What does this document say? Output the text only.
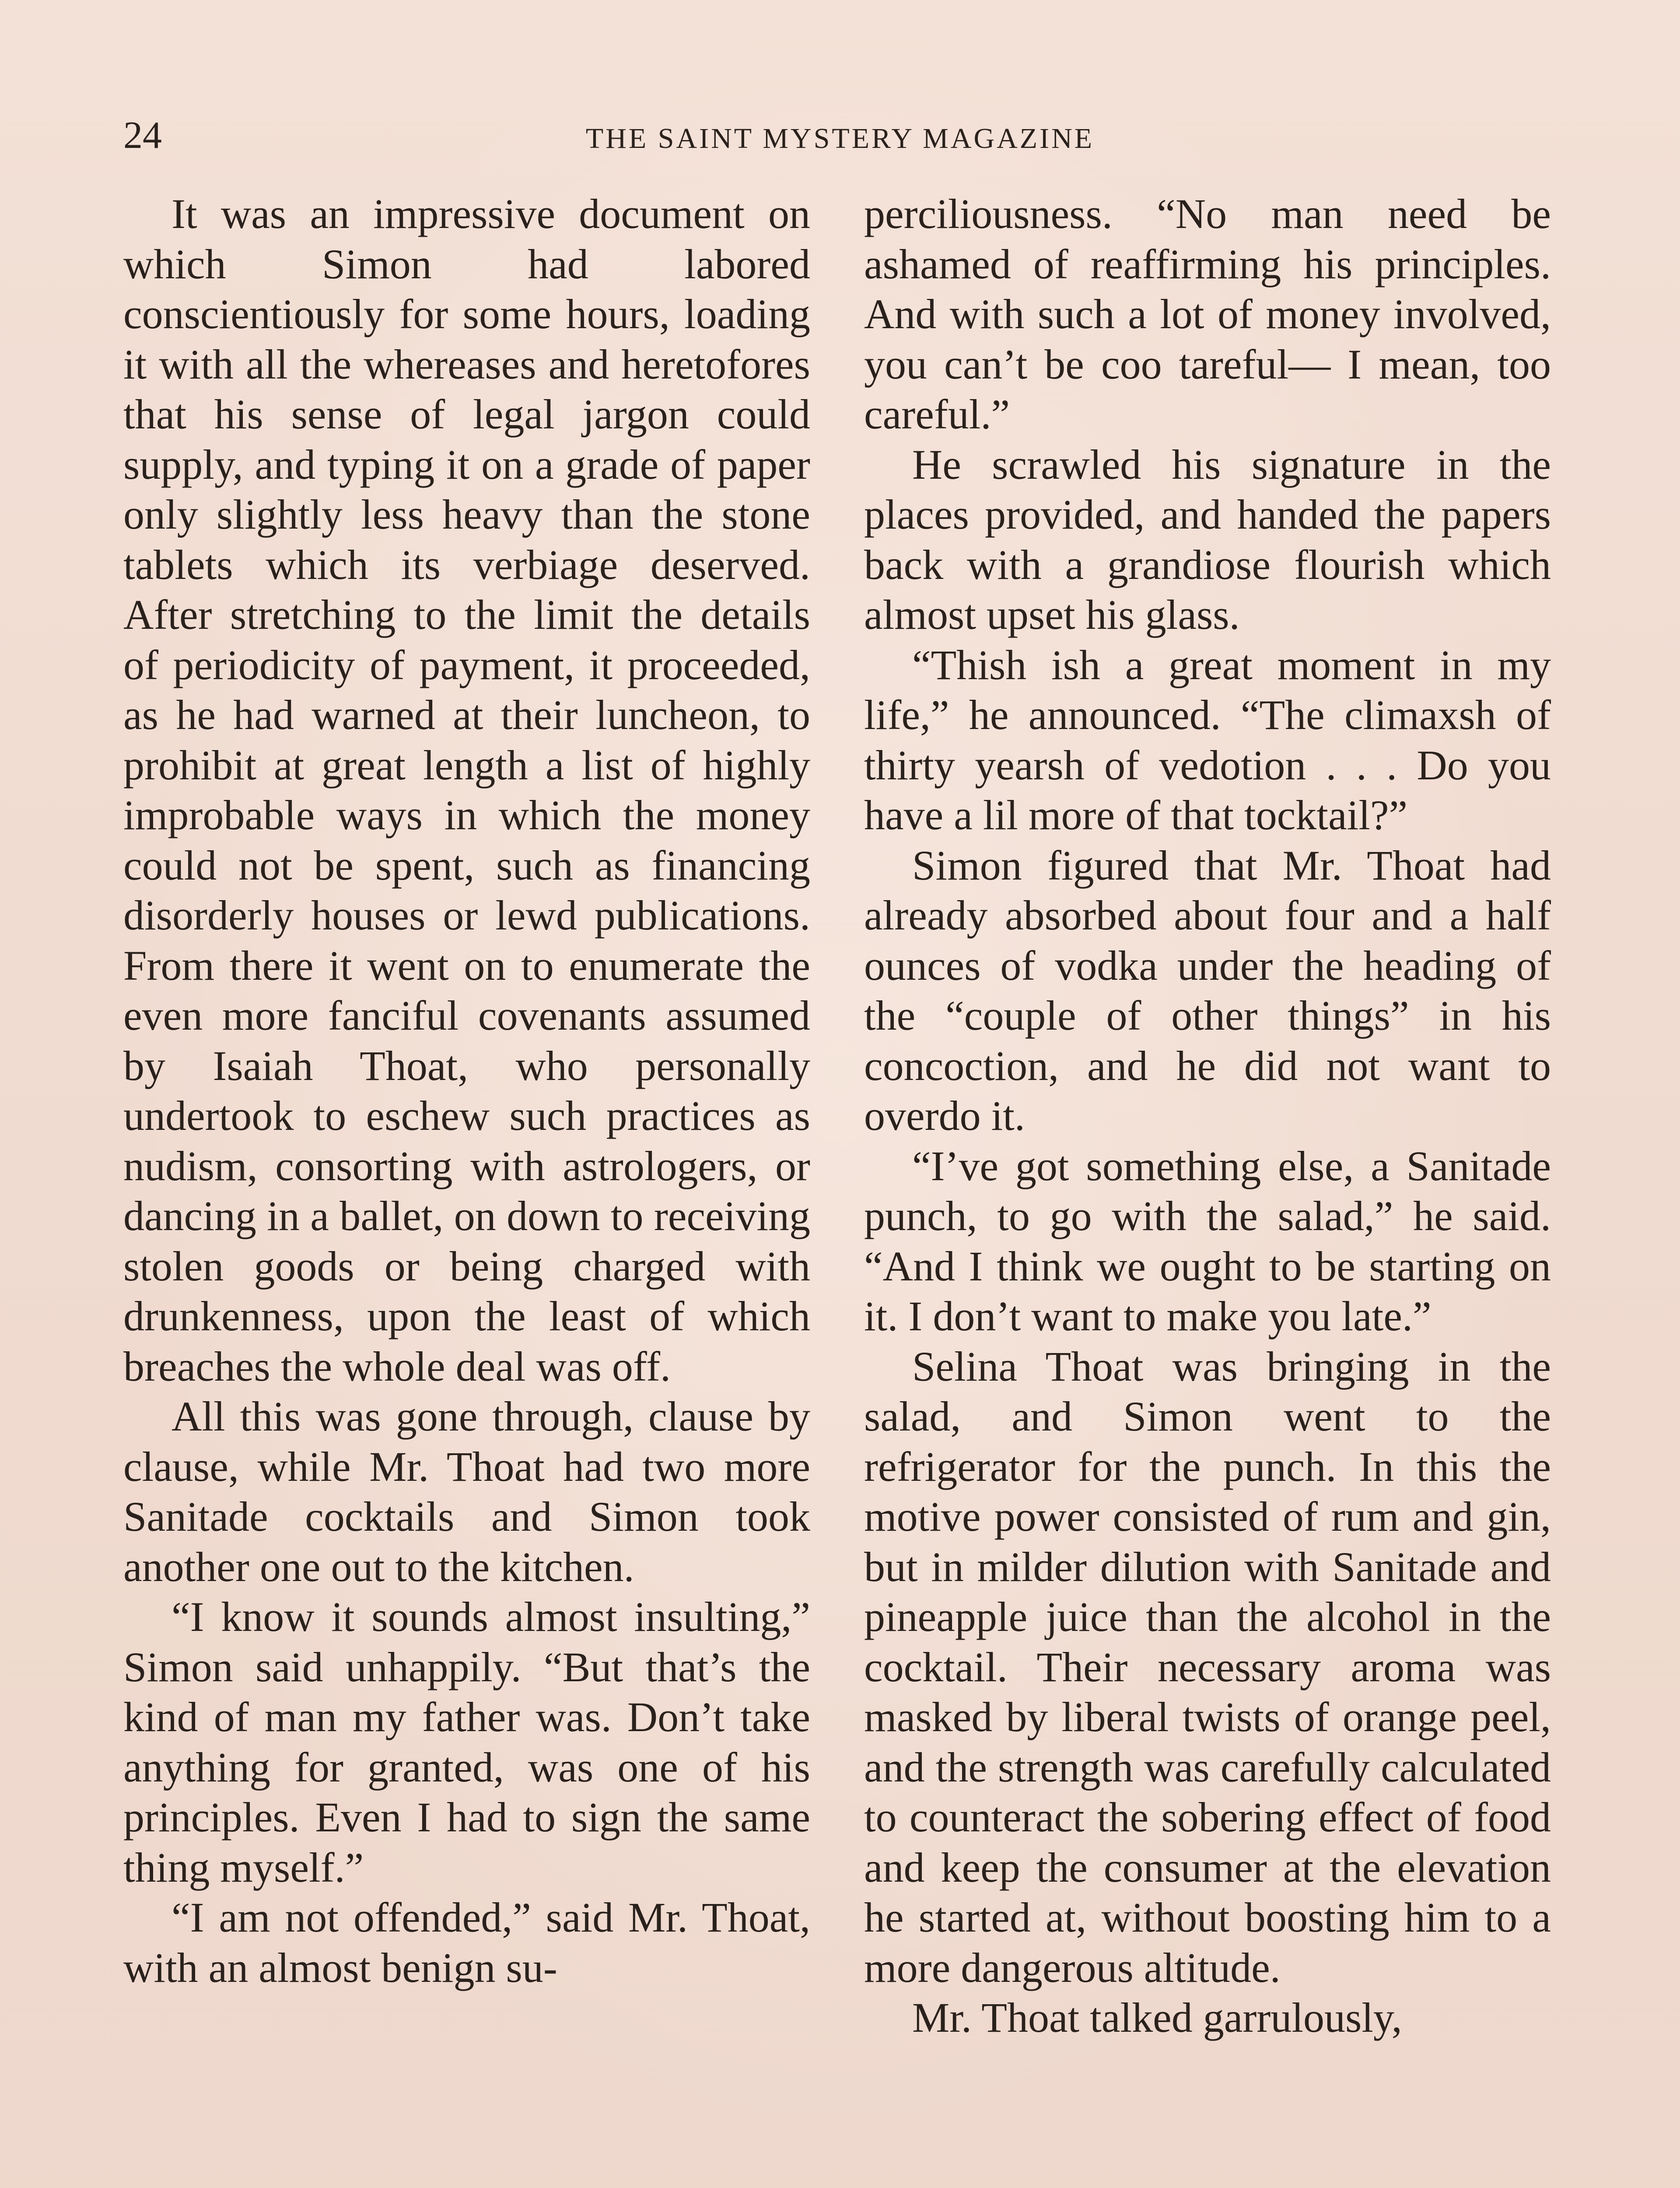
24	THE SAINT MYSTERY MAGAZINE

It was an impressive document on which Simon had labored conscientiously for some hours, loading it with all the whereases and heretofores that his sense of legal jargon could supply, and typing it on a grade of paper only slightly less heavy than the stone tablets which its verbiage deserved. After stretching to the limit the details of periodicity of payment, it proceeded, as he had warned at their luncheon, to prohibit at great length a list of highly improbable ways in which the money could not be spent, such as financing disorderly houses or lewd publications. From there it went on to enumerate the even more fanciful covenants assumed by Isaiah Thoat, who personally undertook to eschew such practices as nudism, consorting with astrologers, or dancing in a ballet, on down to receiving stolen goods or being charged with drunkenness, upon the least of which breaches the whole deal was off.

All this was gone through, clause by clause, while Mr. Thoat had two more Sanitade cocktails and Simon took another one out to the kitchen.

“I know it sounds almost insulting,” Simon said unhappily. “But that’s the kind of man my father was. Don’t take anything for granted, was one of his principles. Even I had to sign the same thing myself.”

“I am not offended,” said Mr. Thoat, with an almost benign su-

perciliousness. “No man need be ashamed of reaffirming his principles. And with such a lot of money involved, you can’t be coo tareful— I mean, too careful.”

He scrawled his signature in the places provided, and handed the papers back with a grandiose flourish which almost upset his glass.

“Thish ish a great moment in my life,” he announced. “The climaxsh of thirty yearsh of vedotion . . . Do you have a lil more of that tocktail?”

Simon figured that Mr. Thoat had already absorbed about four and a half ounces of vodka under the heading of the “couple of other things” in his concoction, and he did not want to overdo it.

“I’ve got something else, a Sanitade punch, to go with the salad,” he said. “And I think we ought to be starting on it. I don’t want to make you late.”

Selina Thoat was bringing in the salad, and Simon went to the refrigerator for the punch. In this the motive power consisted of rum and gin, but in milder dilution with Sanitade and pineapple juice than the alcohol in the cocktail. Their necessary aroma was masked by liberal twists of orange peel, and the strength was carefully calculated to counteract the sobering effect of food and keep the consumer at the elevation he started at, without boosting him to a more dangerous altitude.

Mr. Thoat talked garrulously,
